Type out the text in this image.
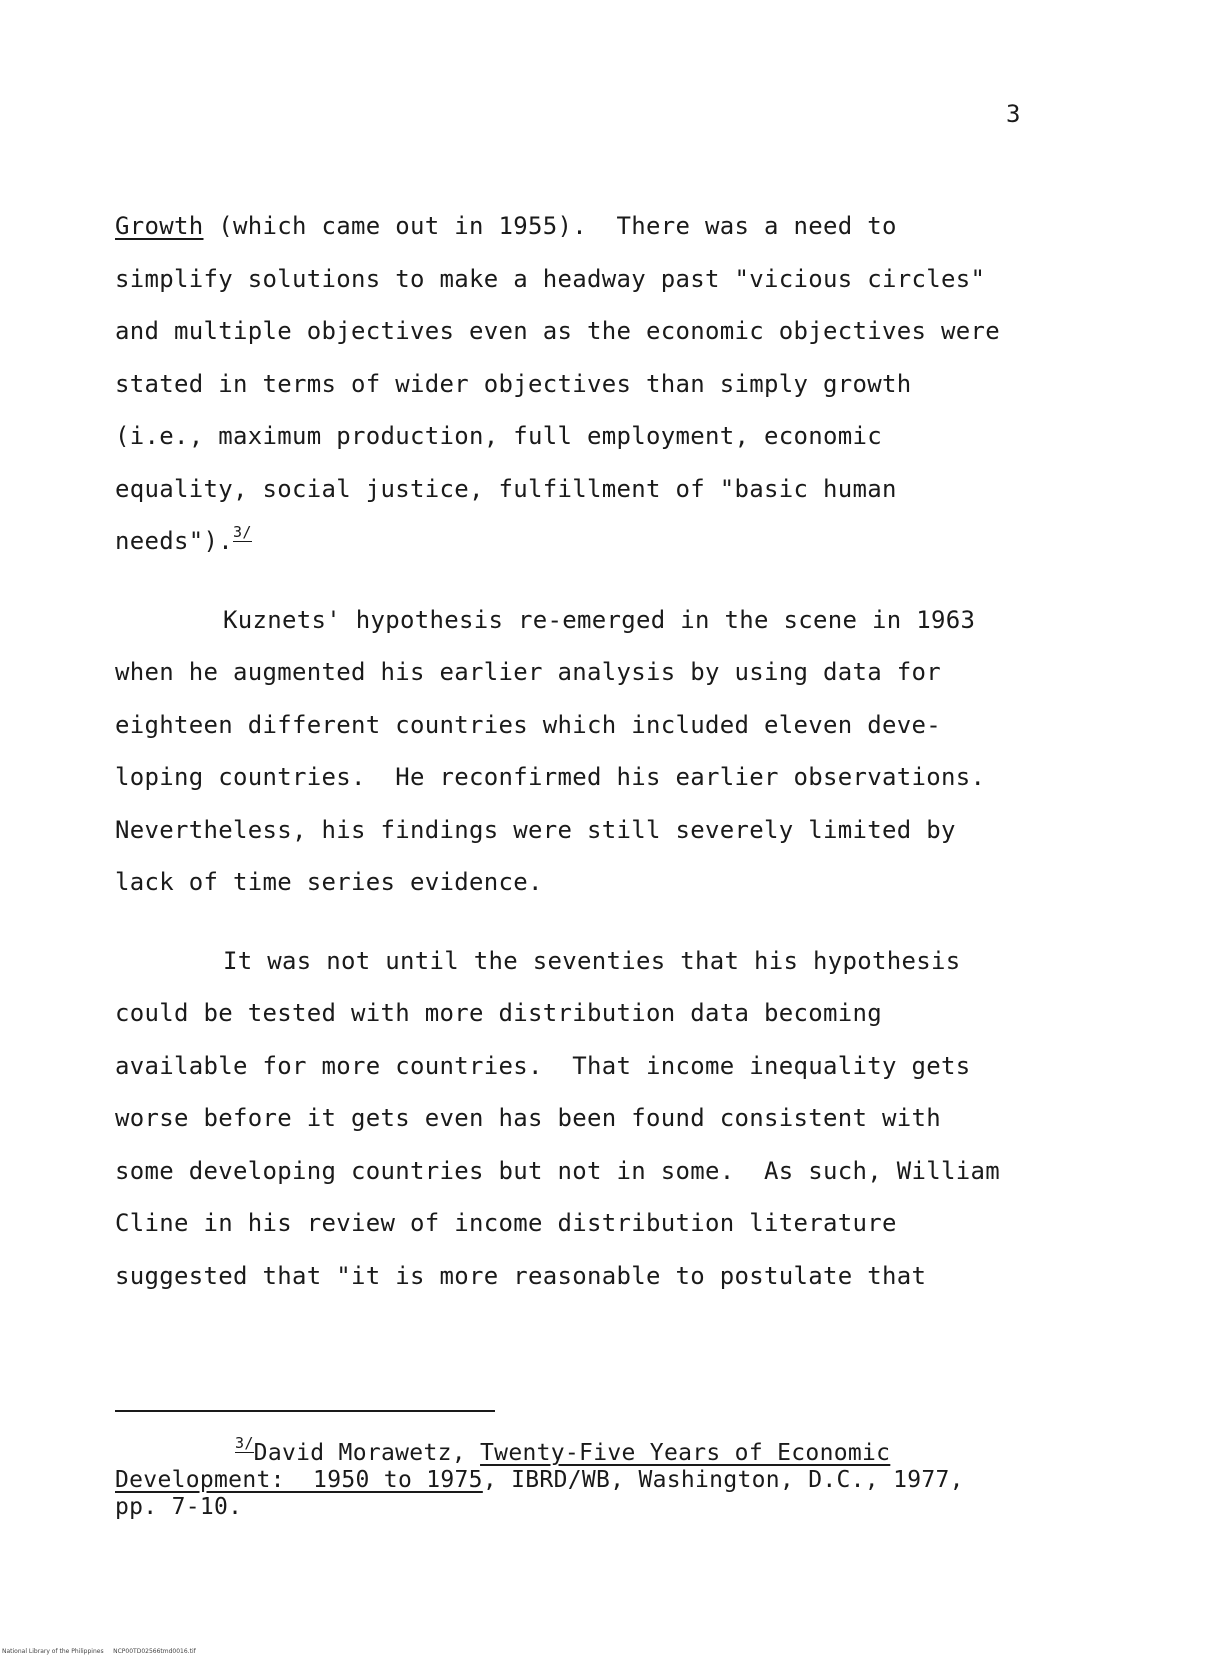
3
Growth (which came out in 1955).  There was a need to
simplify solutions to make a headway past "vicious circles"
and multiple objectives even as the economic objectives were
stated in terms of wider objectives than simply growth
(i.e., maximum production, full employment, economic
equality, social justice, fulfillment of "basic human
needs").$^{3/}$
Kuznets' hypothesis re-emerged in the scene in 1963
when he augmented his earlier analysis by using data for
eighteen different countries which included eleven deve-
loping countries.  He reconfirmed his earlier observations.
Nevertheless, his findings were still severely limited by
lack of time series evidence.
It was not until the seventies that his hypothesis
could be tested with more distribution data becoming
available for more countries.  That income inequality gets
worse before it gets even has been found consistent with
some developing countries but not in some.  As such, William
Cline in his review of income distribution literature
suggested that "it is more reasonable to postulate that
$^{3/}$David Morawetz, Twenty-Five Years of Economic
Development:  1950 to 1975, IBRD/WB, Washington, D.C., 1977,
pp. 7-10.
National Library of the Philippines     NCP00TD02566tmd0016.tif
